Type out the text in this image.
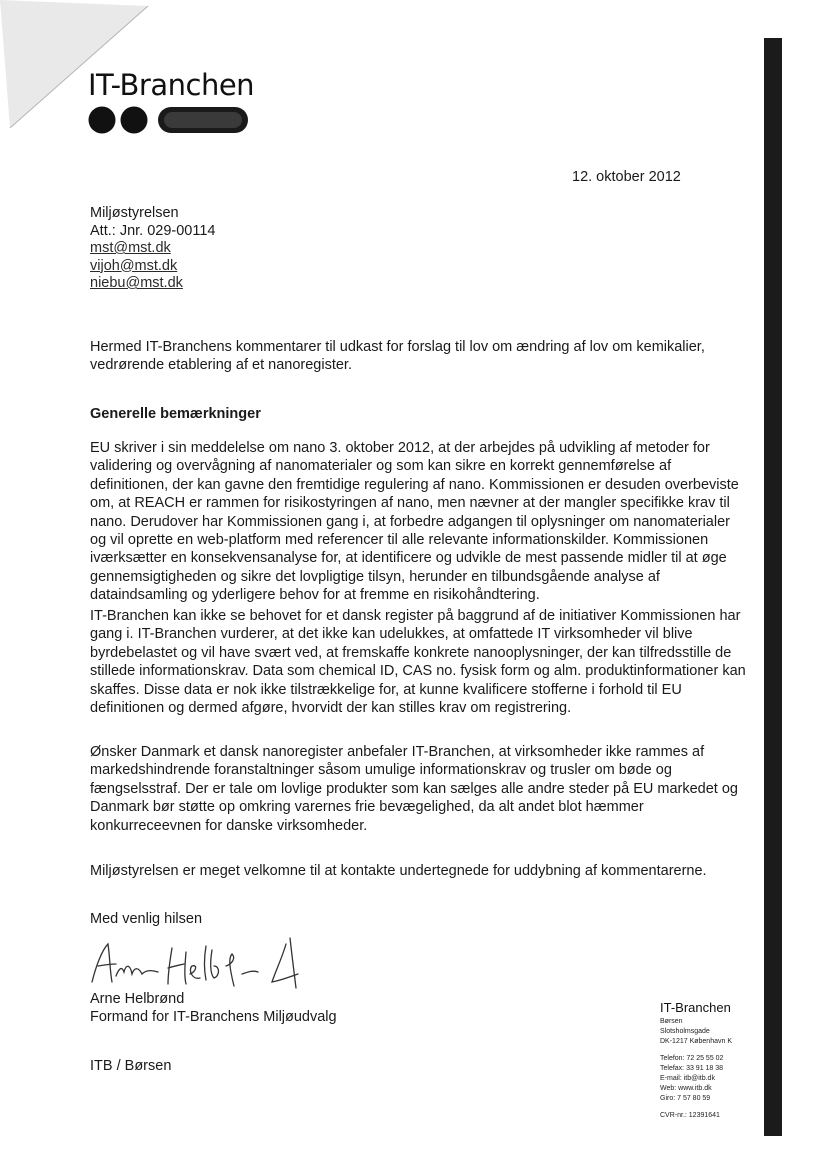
IT-Branchen
12. oktober 2012
Miljøstyrelsen
Att.: Jnr. 029-00114
mst@mst.dk
vijoh@mst.dk
niebu@mst.dk

Hermed IT-Branchens kommentarer til udkast for forslag til lov om ændring af lov om kemikalier, vedrørende etablering af et nanoregister.

Generelle bemærkninger

EU skriver i sin meddelelse om nano 3. oktober 2012, at der arbejdes på udvikling af metoder for validering og overvågning af nanomaterialer og som kan sikre en korrekt gennemførelse af definitionen, der kan gavne den fremtidige regulering af nano. Kommissionen er desuden overbeviste om, at REACH er rammen for risikostyringen af nano, men nævner at der mangler specifikke krav til nano. Derudover har Kommissionen gang i, at forbedre adgangen til oplysninger om nanomaterialer og vil oprette en web-platform med referencer til alle relevante informationskilder. Kommissionen iværksætter en konsekvensanalyse for, at identificere og udvikle de mest passende midler til at øge gennemsigtigheden og sikre det lovpligtige tilsyn, herunder en tilbundsgående analyse af dataindsamling og yderligere behov for at fremme en risikohåndtering.

IT-Branchen kan ikke se behovet for et dansk register på baggrund af de initiativer Kommissionen har gang i. IT-Branchen vurderer, at det ikke kan udelukkes, at omfattede IT virksomheder vil blive byrdebelastet og vil have svært ved, at fremskaffe konkrete nanooplysninger, der kan tilfredsstille de stillede informationskrav. Data som chemical ID, CAS no. fysisk form og alm. produktinformationer kan skaffes. Disse data er nok ikke tilstrækkelige for, at kunne kvalificere stofferne i forhold til EU definitionen og dermed afgøre, hvorvidt der kan stilles krav om registrering.

Ønsker Danmark et dansk nanoregister anbefaler IT-Branchen, at virksomheder ikke rammes af markedshindrende foranstaltninger såsom umulige informationskrav og trusler om bøde og fængselsstraf. Der er tale om lovlige produkter som kan sælges alle andre steder på EU markedet og Danmark bør støtte op omkring varernes frie bevægelighed, da alt andet blot hæmmer konkurreceevnen for danske virksomheder.

Miljøstyrelsen er meget velkomne til at kontakte undertegnede for uddybning af kommentarerne.

Med venlig hilsen
Arne Helbrønd
Formand for IT-Branchens Miljøudvalg
ITB / Børsen
IT-Branchen
Børsen
Slotsholmsgade
DK-1217 København K
Telefon: 72 25 55 02
Telefax: 33 91 18 38
E-mail: itb@itb.dk
Web: www.itb.dk
Giro: 7 57 80 59
CVR-nr.: 12391641
